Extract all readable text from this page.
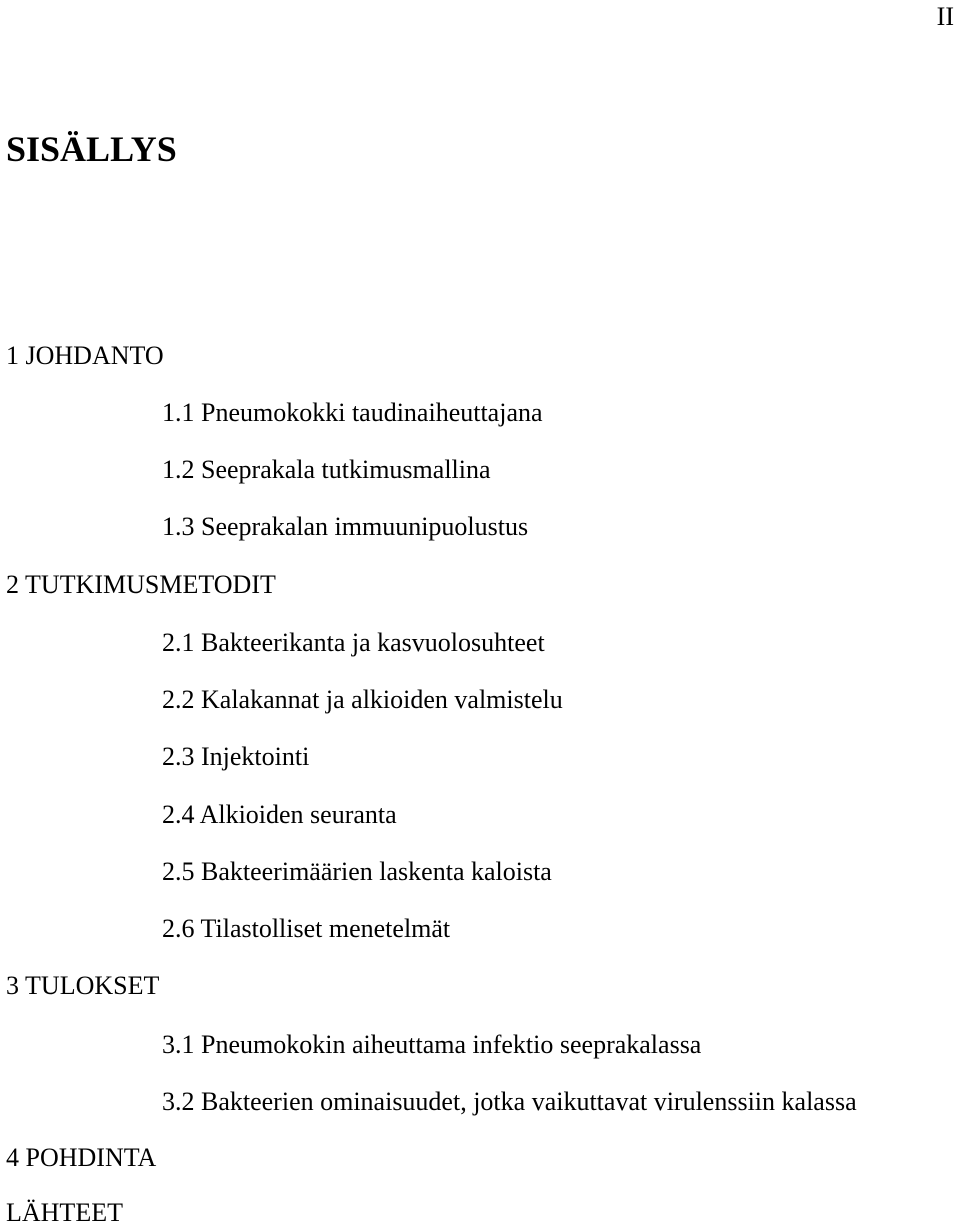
II
SISÄLLYS
1 JOHDANTO
1.1 Pneumokokki taudinaiheuttajana
1.2 Seeprakala tutkimusmallina
1.3 Seeprakalan immuunipuolustus
2 TUTKIMUSMETODIT
2.1 Bakteerikanta ja kasvuolosuhteet
2.2 Kalakannat ja alkioiden valmistelu
2.3 Injektointi
2.4 Alkioiden seuranta
2.5 Bakteerimäärien laskenta kaloista
2.6 Tilastolliset menetelmät
3 TULOKSET
3.1 Pneumokokin aiheuttama infektio seeprakalassa
3.2 Bakteerien ominaisuudet, jotka vaikuttavat virulenssiin kalassa
4 POHDINTA
LÄHTEET
